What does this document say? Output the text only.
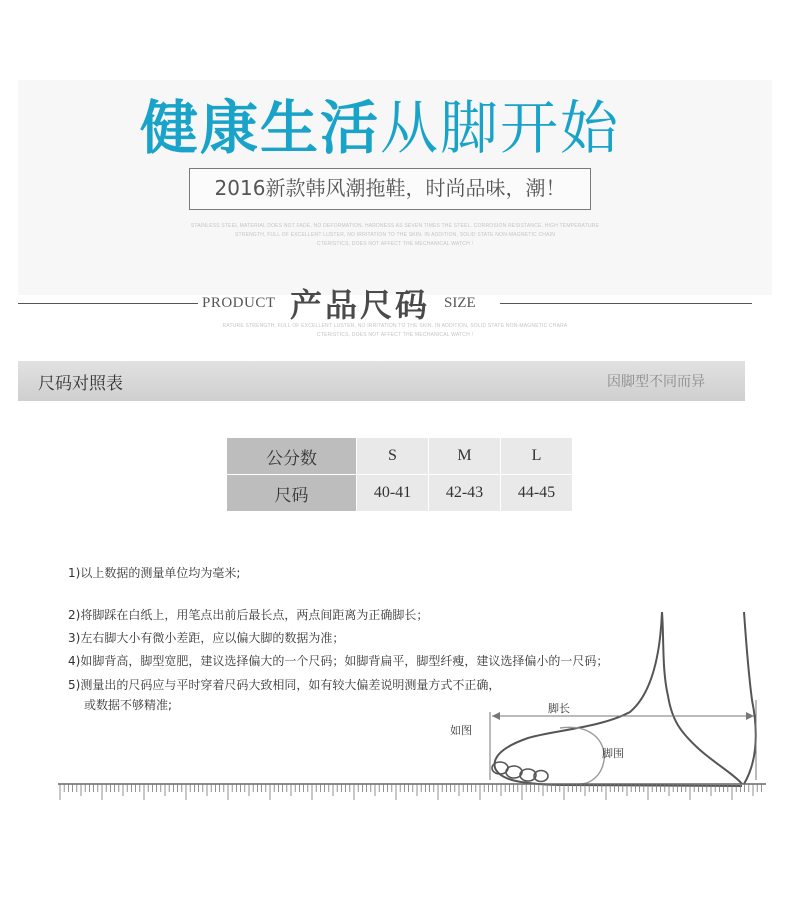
健康生活从脚开始
2016新款韩风潮拖鞋，时尚品味，潮！
STAINLESS STEEL MATERIAL DOES NOT FADE, NO DEFORMATION. HARDNESS AS SEVEN TIMES THE STEEL. CORROSION RESISTANCE, HIGH TEMPERATURE
STRENGTH, FULL OF EXCELLENT LUSTER, NO IRRITATION TO THE SKIN. IN ADDITION, SOLID STATE NON-MAGNETIC CHAIN
CTERISTICS, DOES NOT AFFECT THE MECHANICAL WATCH !
PRODUCT 产品尺码 SIZE
RATURE STRENGTH, FULL OF EXCELLENT LUSTER, NO IRRITATION TO THE SKIN. IN ADDITION, SOLID STATE NON-MAGNETIC CHARA
CTERISTICS, DOES NOT AFFECT THE MECHANICAL WATCH !
尺码对照表	因脚型不同而异
公分数	S	M	L
尺码	40-41	42-43	44-45
1)以上数据的测量单位均为毫米;
2)将脚踩在白纸上，用笔点出前后最长点，两点间距离为正确脚长；
3)左右脚大小有微小差距，应以偏大脚的数据为准；
4)如脚背高，脚型宽肥，建议选择偏大的一个尺码；如脚背扁平，脚型纤瘦，建议选择偏小的一尺码；
5)测量出的尺码应与平时穿着尺码大致相同，如有较大偏差说明测量方式不正确，
或数据不够精准;	脚长
如图
脚围
